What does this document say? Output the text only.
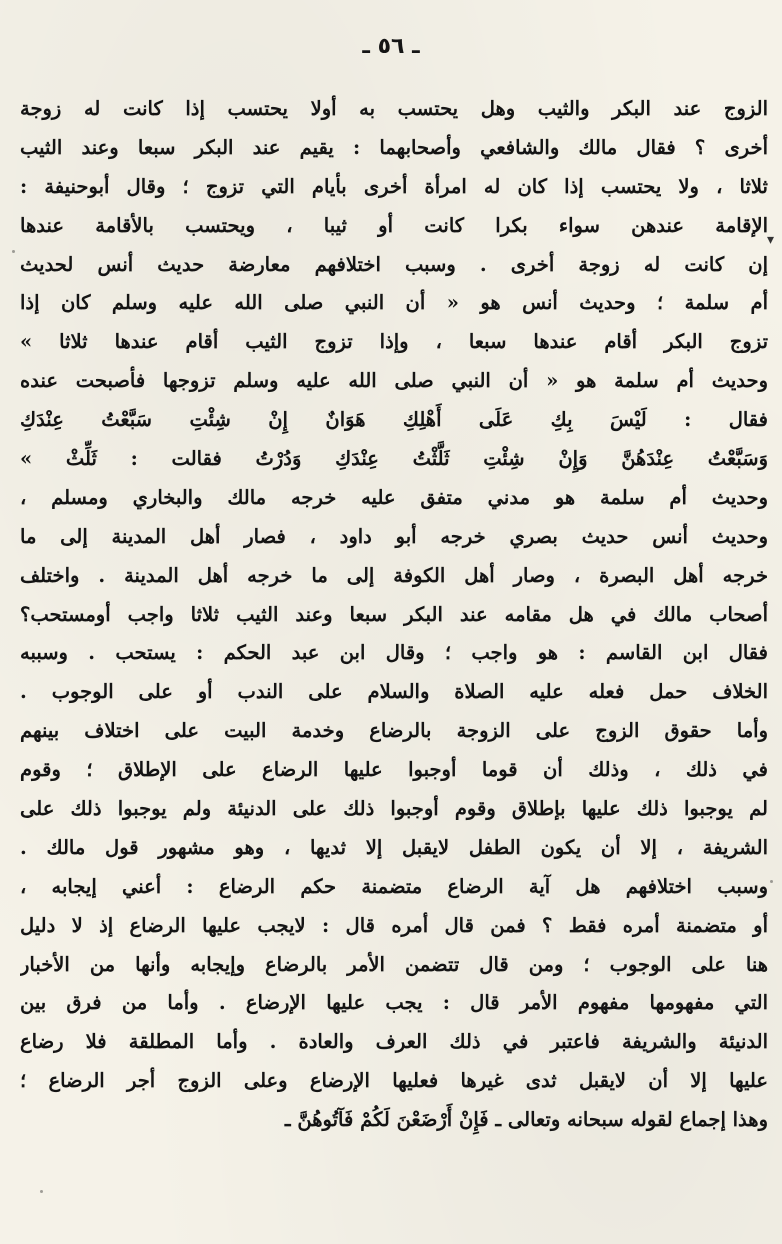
ـ ٥٦ ـ
الزوج عند البكر والثيب وهل يحتسب به أولا يحتسب إذا كانت له زوجة
أخرى ؟ فقال مالك والشافعي وأصحابهما : يقيم عند البكر سبعا وعند الثيب
ثلاثا ، ولا يحتسب إذا كان له امرأة أخرى بأيام التي تزوج ؛ وقال أبوحنيفة :
الإقامة عندهن سواء بكرا كانت أو ثيبا ، ويحتسب بالأقامة عندها
إن كانت له زوجة أخرى . وسبب اختلافهم معارضة حديث أنس لحديث
أم سلمة ؛ وحديث أنس هو « أن النبي صلى الله عليه وسلم كان إذا
تزوج البكر أقام عندها سبعا ، وإذا تزوج الثيب أقام عندها ثلاثا »
وحديث أم سلمة هو « أن النبي صلى الله عليه وسلم تزوجها فأصبحت عنده
فقال : لَيْسَ بِكِ عَلَى أَهْلِكِ هَوَانٌ إِنْ شِئْتِ سَبَّعْتُ عِنْدَكِ
وَسَبَّعْتُ عِنْدَهُنَّ وَإِنْ شِئْتِ ثَلَّثْتُ عِنْدَكِ وَدُرْتُ فقالت : ثَلِّثْ »
وحديث أم سلمة هو مدني متفق عليه خرجه مالك والبخاري ومسلم ،
وحديث أنس حديث بصري خرجه أبو داود ، فصار أهل المدينة إلى ما
خرجه أهل البصرة ، وصار أهل الكوفة إلى ما خرجه أهل المدينة . واختلف
أصحاب مالك في هل مقامه عند البكر سبعا وعند الثيب ثلاثا واجب أومستحب؟
فقال ابن القاسم : هو واجب ؛ وقال ابن عبد الحكم : يستحب . وسببه
الخلاف حمل فعله عليه الصلاة والسلام على الندب أو على الوجوب .
وأما حقوق الزوج على الزوجة بالرضاع وخدمة البيت على اختلاف بينهم
في ذلك ، وذلك أن قوما أوجبوا عليها الرضاع على الإطلاق ؛ وقوم
لم يوجبوا ذلك عليها بإطلاق وقوم أوجبوا ذلك على الدنيئة ولم يوجبوا ذلك على
الشريفة ، إلا أن يكون الطفل لايقبل إلا ثديها ، وهو مشهور قول مالك .
وسبب اختلافهم هل آية الرضاع متضمنة حكم الرضاع : أعني إيجابه ،
أو متضمنة أمره فقط ؟ فمن قال أمره قال : لايجب عليها الرضاع إذ لا دليل
هنا على الوجوب ؛ ومن قال تتضمن الأمر بالرضاع وإيجابه وأنها من الأخبار
التي مفهومها مفهوم الأمر قال : يجب عليها الإرضاع . وأما من فرق بين
الدنيئة والشريفة فاعتبر في ذلك العرف والعادة . وأما المطلقة فلا رضاع
عليها إلا أن لايقبل ثدى غيرها فعليها الإرضاع وعلى الزوج أجر الرضاع ؛
وهذا إجماع لقوله سبحانه وتعالى ـ فَإِنْ أَرْضَعْنَ لَكُمْ فَآتُوهُنَّ ـ
▾
